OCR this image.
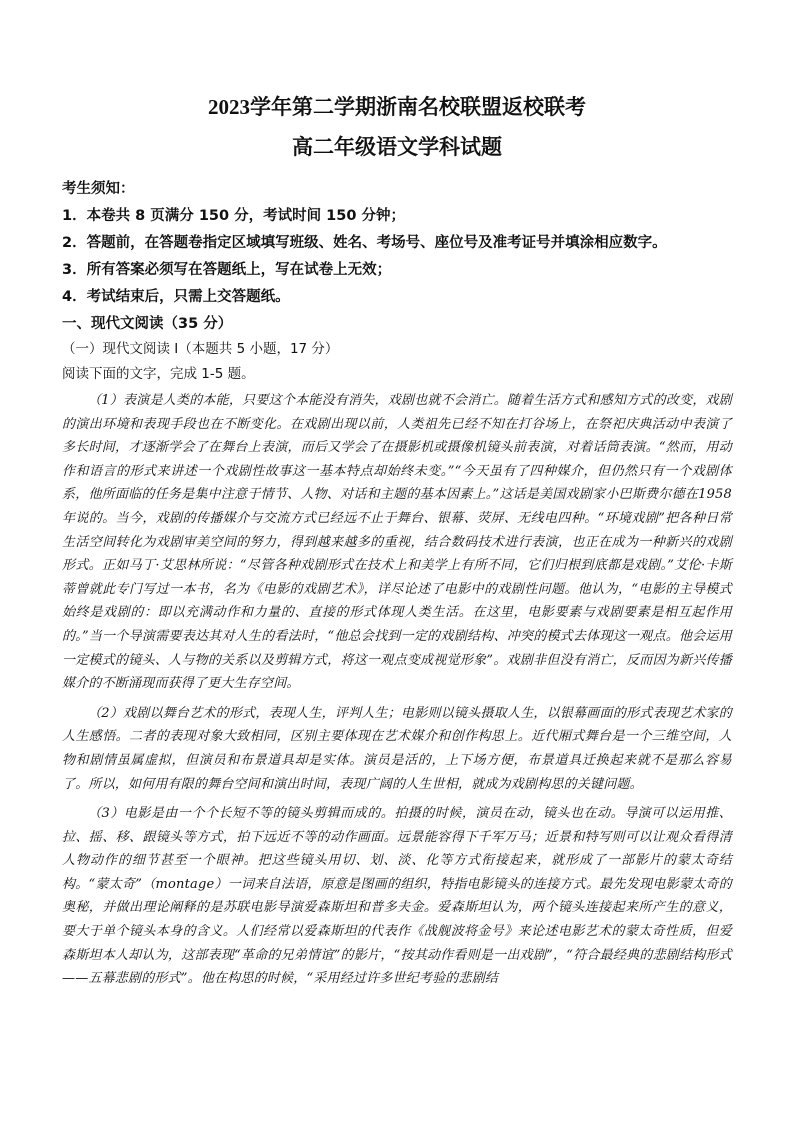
2023学年第二学期浙南名校联盟返校联考
高二年级语文学科试题
考生须知：
1．本卷共 8 页满分 150 分，考试时间 150 分钟；
2．答题前，在答题卷指定区域填写班级、姓名、考场号、座位号及准考证号并填涂相应数字。
3．所有答案必须写在答题纸上，写在试卷上无效；
4．考试结束后，只需上交答题纸。
一、现代文阅读（35 分）
（一）现代文阅读 I（本题共 5 小题，17 分）
阅读下面的文字，完成 1-5 题。

（1）表演是人类的本能，只要这个本能没有消失，戏剧也就不会消亡。随着生活方式和感知方式的改变，戏剧的演出环境和表现手段也在不断变化。在戏剧出现以前，人类祖先已经不知在打谷场上，在祭祀庆典活动中表演了多长时间，才逐渐学会了在舞台上表演，而后又学会了在摄影机或摄像机镜头前表演，对着话筒表演。“然而，用动作和语言的形式来讲述一个戏剧性故事这一基本特点却始终未变。”“今天虽有了四种媒介，但仍然只有一个戏剧体系，他所面临的任务是集中注意于情节、人物、对话和主题的基本因素上。”这话是美国戏剧家小巴斯费尔德在1958年说的。当今，戏剧的传播媒介与交流方式已经远不止于舞台、银幕、荧屏、无线电四种。“环境戏剧”把各种日常生活空间转化为戏剧审美空间的努力，得到越来越多的重视，结合数码技术进行表演，也正在成为一种新兴的戏剧形式。正如马丁·艾思林所说：“尽管各种戏剧形式在技术上和美学上有所不同，它们归根到底都是戏剧。”艾伦·卡斯蒂曾就此专门写过一本书，名为《电影的戏剧艺术》，详尽论述了电影中的戏剧性问题。他认为，“电影的主导模式始终是戏剧的：即以充满动作和力量的、直接的形式体现人类生活。在这里，电影要素与戏剧要素是相互起作用的。”当一个导演需要表达其对人生的看法时，“他总会找到一定的戏剧结构、冲突的模式去体现这一观点。他会运用一定模式的镜头、人与物的关系以及剪辑方式，将这一观点变成视觉形象”。戏剧非但没有消亡，反而因为新兴传播媒介的不断涌现而获得了更大生存空间。

（2）戏剧以舞台艺术的形式，表现人生，评判人生；电影则以镜头摄取人生，以银幕画面的形式表现艺术家的人生感悟。二者的表现对象大致相同，区别主要体现在艺术媒介和创作构思上。近代厢式舞台是一个三维空间，人物和剧情虽属虚拟，但演员和布景道具却是实体。演员是活的，上下场方便，布景道具迁换起来就不是那么容易了。所以，如何用有限的舞台空间和演出时间，表现广阔的人生世相，就成为戏剧构思的关键问题。

（3）电影是由一个个长短不等的镜头剪辑而成的。拍摄的时候，演员在动，镜头也在动。导演可以运用推、拉、摇、移、跟镜头等方式，拍下远近不等的动作画面。远景能容得下千军万马；近景和特写则可以让观众看得清人物动作的细节甚至一个眼神。把这些镜头用切、划、淡、化等方式衔接起来，就形成了一部影片的蒙太奇结构。“蒙太奇”（montage）一词来自法语，原意是图画的组织，特指电影镜头的连接方式。最先发现电影蒙太奇的奥秘，并做出理论阐释的是苏联电影导演爱森斯坦和普多夫金。爱森斯坦认为，两个镜头连接起来所产生的意义，要大于单个镜头本身的含义。人们经常以爱森斯坦的代表作《战舰波将金号》来论述电影艺术的蒙太奇性质，但爱森斯坦本人却认为，这部表现“革命的兄弟情谊”的影片，“按其动作看则是一出戏剧”，“符合最经典的悲剧结构形式——五幕悲剧的形式”。他在构思的时候，“采用经过许多世纪考验的悲剧结
